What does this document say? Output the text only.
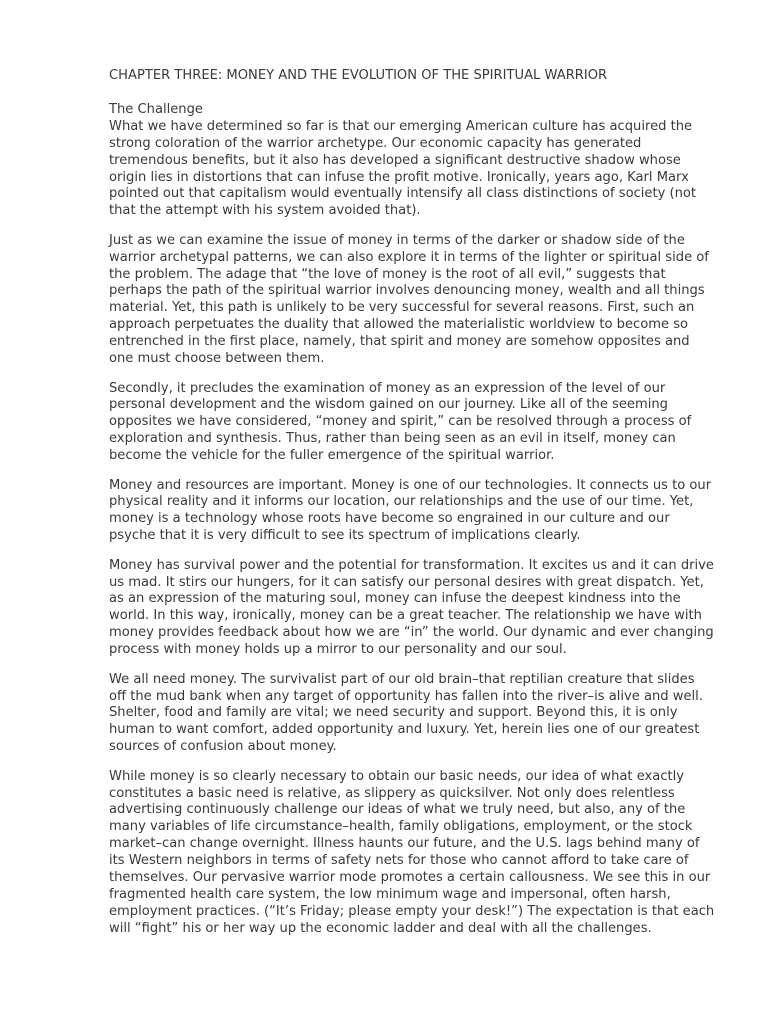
CHAPTER THREE: MONEY AND THE EVOLUTION OF THE SPIRITUAL WARRIOR
The Challenge

What we have determined so far is that our emerging American culture has acquired the strong coloration of the warrior archetype. Our economic capacity has generated tremendous benefits, but it also has developed a significant destructive shadow whose origin lies in distortions that can infuse the profit motive. Ironically, years ago, Karl Marx pointed out that capitalism would eventually intensify all class distinctions of society (not that the attempt with his system avoided that).

Just as we can examine the issue of money in terms of the darker or shadow side of the warrior archetypal patterns, we can also explore it in terms of the lighter or spiritual side of the problem. The adage that “the love of money is the root of all evil,” suggests that perhaps the path of the spiritual warrior involves denouncing money, wealth and all things material. Yet, this path is unlikely to be very successful for several reasons. First, such an approach perpetuates the duality that allowed the materialistic worldview to become so entrenched in the first place, namely, that spirit and money are somehow opposites and one must choose between them.

Secondly, it precludes the examination of money as an expression of the level of our personal development and the wisdom gained on our journey. Like all of the seeming opposites we have considered, “money and spirit,” can be resolved through a process of exploration and synthesis. Thus, rather than being seen as an evil in itself, money can become the vehicle for the fuller emergence of the spiritual warrior.

Money and resources are important. Money is one of our technologies. It connects us to our physical reality and it informs our location, our relationships and the use of our time. Yet, money is a technology whose roots have become so engrained in our culture and our psyche that it is very difficult to see its spectrum of implications clearly.

Money has survival power and the potential for transformation. It excites us and it can drive us mad. It stirs our hungers, for it can satisfy our personal desires with great dispatch. Yet, as an expression of the maturing soul, money can infuse the deepest kindness into the world. In this way, ironically, money can be a great teacher. The relationship we have with money provides feedback about how we are “in” the world. Our dynamic and ever changing process with money holds up a mirror to our personality and our soul.

We all need money. The survivalist part of our old brain–that reptilian creature that slides off the mud bank when any target of opportunity has fallen into the river–is alive and well. Shelter, food and family are vital; we need security and support. Beyond this, it is only human to want comfort, added opportunity and luxury. Yet, herein lies one of our greatest sources of confusion about money.

While money is so clearly necessary to obtain our basic needs, our idea of what exactly constitutes a basic need is relative, as slippery as quicksilver. Not only does relentless advertising continuously challenge our ideas of what we truly need, but also, any of the many variables of life circumstance–health, family obligations, employment, or the stock market–can change overnight. Illness haunts our future, and the U.S. lags behind many of its Western neighbors in terms of safety nets for those who cannot afford to take care of themselves. Our pervasive warrior mode promotes a certain callousness. We see this in our fragmented health care system, the low minimum wage and impersonal, often harsh, employment practices. (“It’s Friday; please empty your desk!”) The expectation is that each will “fight” his or her way up the economic ladder and deal with all the challenges.
